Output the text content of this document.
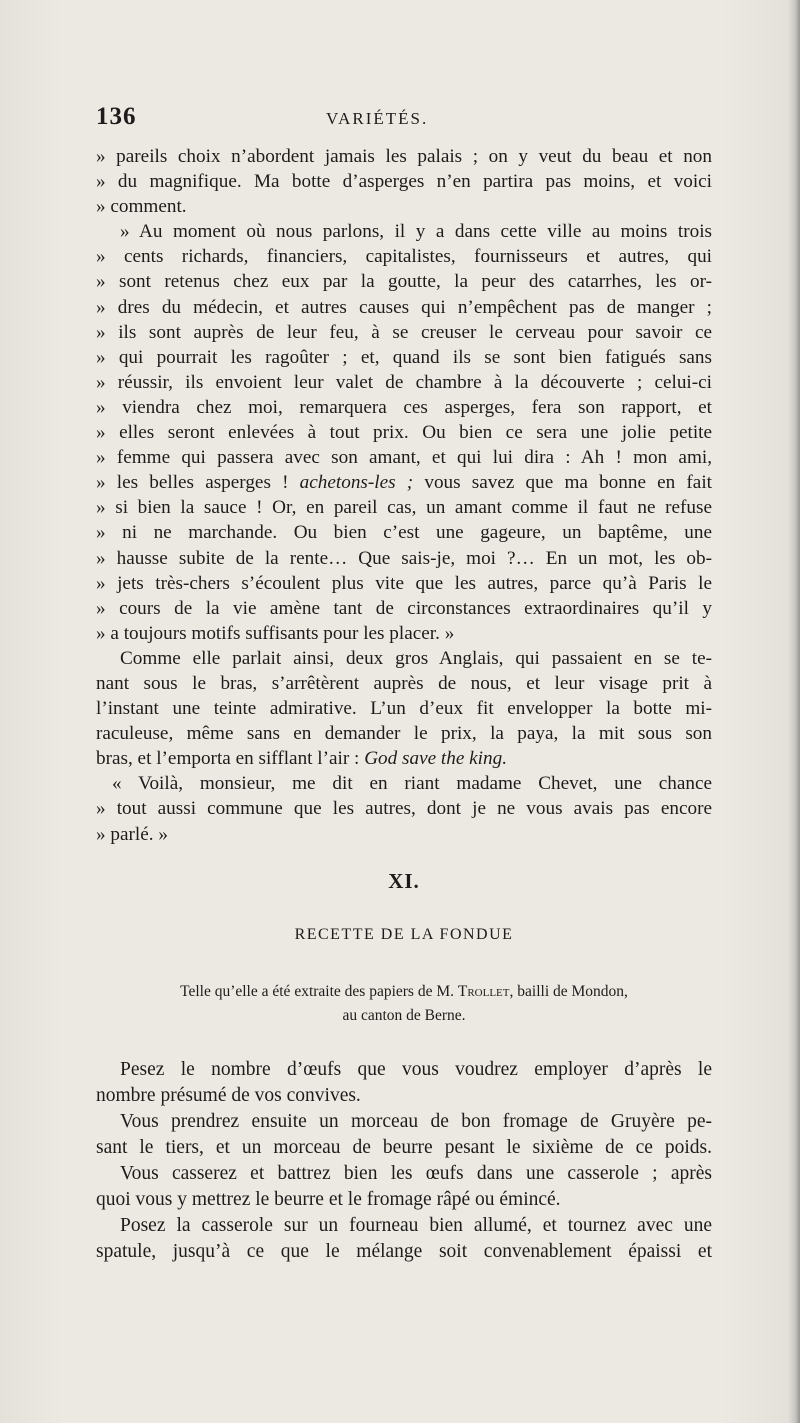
136	VARIÉTÉS.
» pareils choix n’abordent jamais les palais ; on y veut du beau et non
» du magnifique. Ma botte d’asperges n’en partira pas moins, et voici
» comment.
» Au moment où nous parlons, il y a dans cette ville au moins trois
» cents richards, financiers, capitalistes, fournisseurs et autres, qui
» sont retenus chez eux par la goutte, la peur des catarrhes, les or-
» dres du médecin, et autres causes qui n’empêchent pas de manger ;
» ils sont auprès de leur feu, à se creuser le cerveau pour savoir ce
» qui pourrait les ragoûter ; et, quand ils se sont bien fatigués sans
» réussir, ils envoient leur valet de chambre à la découverte ; celui-ci
» viendra chez moi, remarquera ces asperges, fera son rapport, et
» elles seront enlevées à tout prix. Ou bien ce sera une jolie petite
» femme qui passera avec son amant, et qui lui dira : Ah ! mon ami,
» les belles asperges ! achetons-les ; vous savez que ma bonne en fait
» si bien la sauce ! Or, en pareil cas, un amant comme il faut ne refuse
» ni ne marchande. Ou bien c’est une gageure, un baptême, une
» hausse subite de la rente… Que sais-je, moi ?… En un mot, les ob-
» jets très-chers s’écoulent plus vite que les autres, parce qu’à Paris le
» cours de la vie amène tant de circonstances extraordinaires qu’il y
» a toujours motifs suffisants pour les placer. »
Comme elle parlait ainsi, deux gros Anglais, qui passaient en se te-
nant sous le bras, s’arrêtèrent auprès de nous, et leur visage prit à
l’instant une teinte admirative. L’un d’eux fit envelopper la botte mi-
raculeuse, même sans en demander le prix, la paya, la mit sous son
bras, et l’emporta en sifflant l’air : God save the king.
« Voilà, monsieur, me dit en riant madame Chevet, une chance
» tout aussi commune que les autres, dont je ne vous avais pas encore
» parlé. »
XI.
RECETTE DE LA FONDUE
Telle qu’elle a été extraite des papiers de M. Trollet, bailli de Mondon,
au canton de Berne.
Pesez le nombre d’œufs que vous voudrez employer d’après le
nombre présumé de vos convives.
Vous prendrez ensuite un morceau de bon fromage de Gruyère pe-
sant le tiers, et un morceau de beurre pesant le sixième de ce poids.
Vous casserez et battrez bien les œufs dans une casserole ; après
quoi vous y mettrez le beurre et le fromage râpé ou émincé.
Posez la casserole sur un fourneau bien allumé, et tournez avec une
spatule, jusqu’à ce que le mélange soit convenablement épaissi et
